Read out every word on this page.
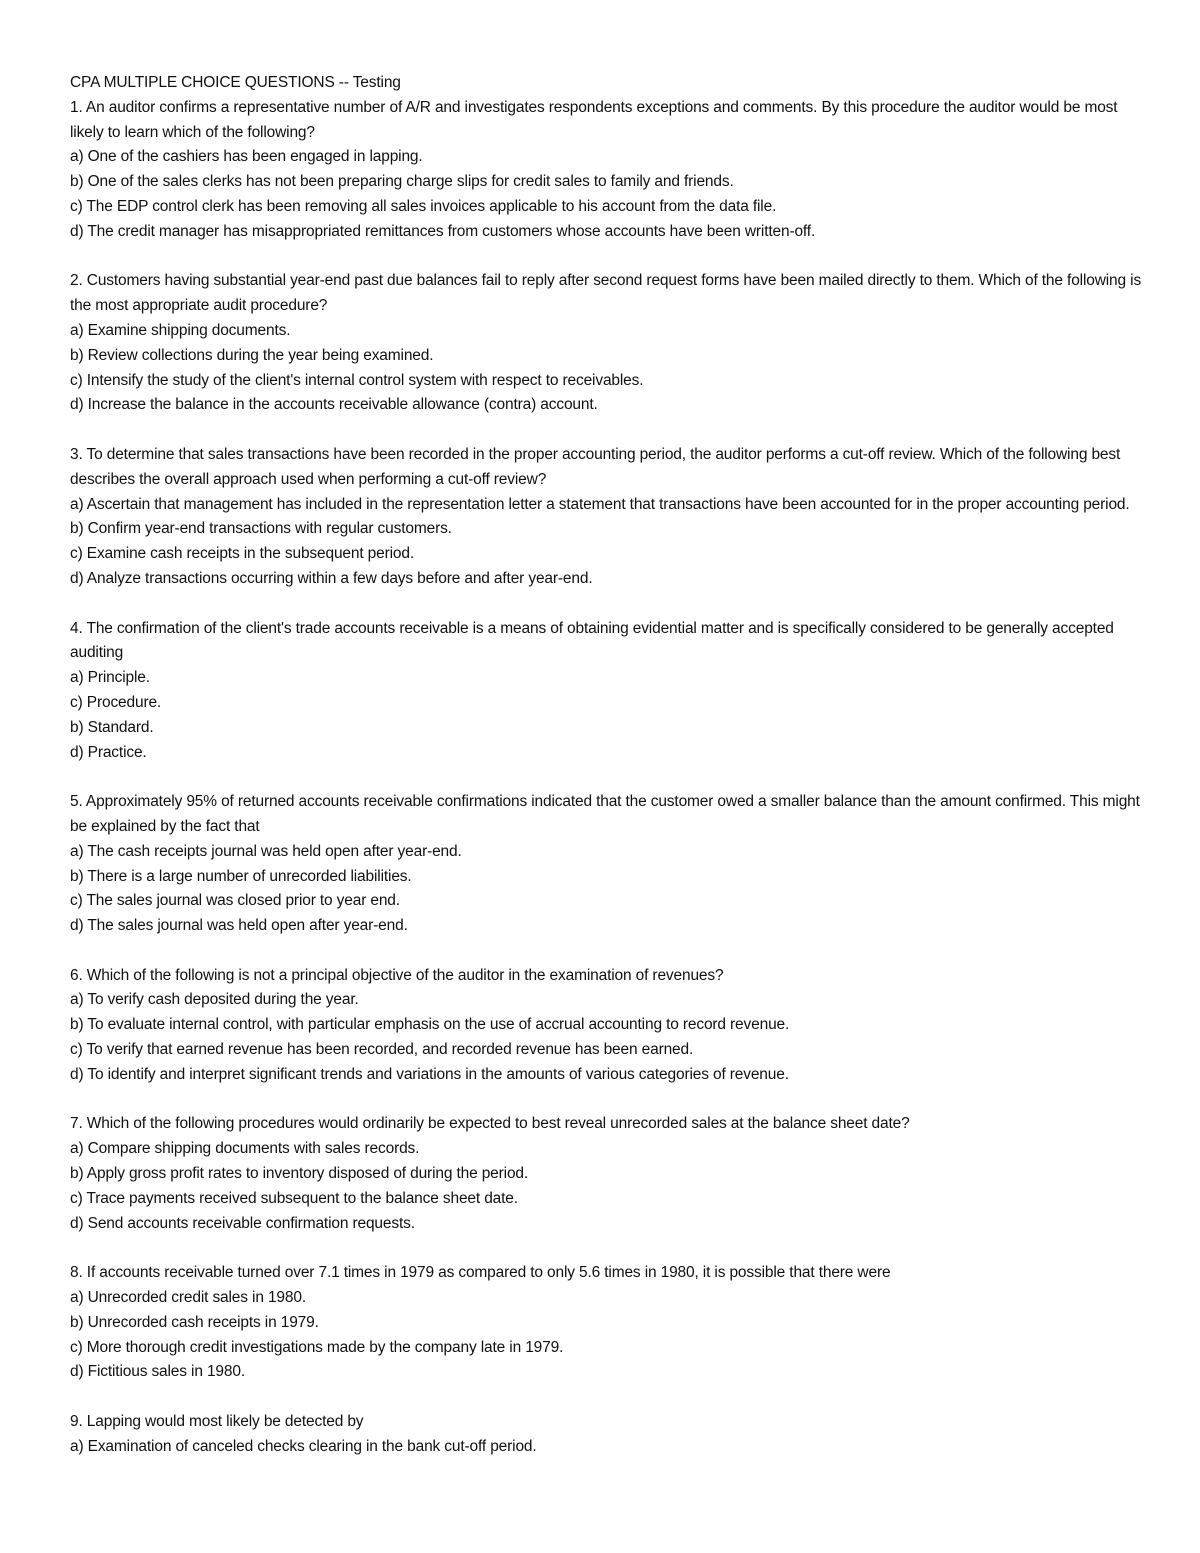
CPA MULTIPLE CHOICE QUESTIONS -- Testing

1. An auditor confirms a representative number of A/R and investigates respondents exceptions and comments. By this procedure the auditor would be most likely to learn which of the following?

a) One of the cashiers has been engaged in lapping.
b) One of the sales clerks has not been preparing charge slips for credit sales to family and friends.
c) The EDP control clerk has been removing all sales invoices applicable to his account from the data file.
d) The credit manager has misappropriated remittances from customers whose accounts have been written-off.

2. Customers having substantial year-end past due balances fail to reply after second request forms have been mailed directly to them. Which of the following is the most appropriate audit procedure?

a) Examine shipping documents.
b) Review collections during the year being examined.
c) Intensify the study of the client's internal control system with respect to receivables.
d) Increase the balance in the accounts receivable allowance (contra) account.

3. To determine that sales transactions have been recorded in the proper accounting period, the auditor performs a cut-off review. Which of the following best describes the overall approach used when performing a cut-off review?

a) Ascertain that management has included in the representation letter a statement that transactions have been accounted for in the proper accounting period.
b) Confirm year-end transactions with regular customers.
c) Examine cash receipts in the subsequent period.
d) Analyze transactions occurring within a few days before and after year-end.

4. The confirmation of the client's trade accounts receivable is a means of obtaining evidential matter and is specifically considered to be generally accepted auditing

a) Principle.
c) Procedure.
b) Standard.
d) Practice.

5. Approximately 95% of returned accounts receivable confirmations indicated that the customer owed a smaller balance than the amount confirmed. This might be explained by the fact that

a) The cash receipts journal was held open after year-end.
b) There is a large number of unrecorded liabilities.
c) The sales journal was closed prior to year end.
d) The sales journal was held open after year-end.

6. Which of the following is not a principal objective of the auditor in the examination of revenues?

a) To verify cash deposited during the year.
b) To evaluate internal control, with particular emphasis on the use of accrual accounting to record revenue.
c) To verify that earned revenue has been recorded, and recorded revenue has been earned.
d) To identify and interpret significant trends and variations in the amounts of various categories of revenue.

7. Which of the following procedures would ordinarily be expected to best reveal unrecorded sales at the balance sheet date?

a) Compare shipping documents with sales records.
b) Apply gross profit rates to inventory disposed of during the period.
c) Trace payments received subsequent to the balance sheet date.
d) Send accounts receivable confirmation requests.

8. If accounts receivable turned over 7.1 times in 1979 as compared to only 5.6 times in 1980, it is possible that there were

a) Unrecorded credit sales in 1980.
b) Unrecorded cash receipts in 1979.
c) More thorough credit investigations made by the company late in 1979.
d) Fictitious sales in 1980.

9. Lapping would most likely be detected by

a) Examination of canceled checks clearing in the bank cut-off period.
